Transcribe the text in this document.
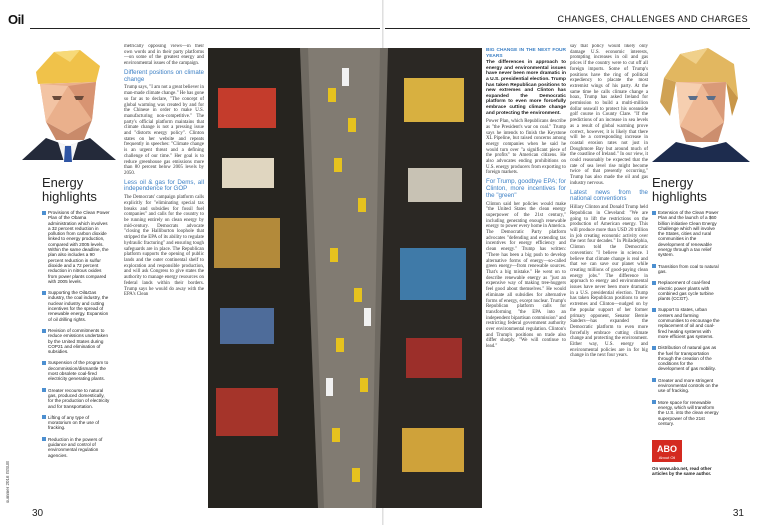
Oil	CHANGES, CHALLENGES AND CHARGES
Energy
highlights
Provisions of the Clean Power Plan of the Obama administration which involves a 32 percent reduction in pollution from carbon dioxide linked to energy production, compared with 2005 levels. Within the same deadline, the plan also includes a 90 percent reduction in sulfur dioxide and a 72 percent reduction in nitrous oxides from power plants compared with 2005 levels.
Supporting the Oil&Gas industry, the coal industry, the nuclear industry and cutting incentives for the spread of renewable energy. Expansion of oil drilling rights.
Revision of commitments to reduce emissions undertaken by the United States during COP21 and elimination of subsidies.
Suspension of the program to decommission/dismantle the most obsolete coal-fired electricity generating plants.
Greater recourse to natural gas, produced domestically, for the production of electricity and for transportation.
Lifting of any type of moratorium on the use of fracking.
Reduction in the powers of guidance and control of environmental regulation agencies.

metrically opposing views—in their own words and in their party platforms—on some of the greatest energy and environmental issues of the campaign.

Different positions on climate change

Trump says, "I am not a great believer in man-made climate change." He has gone so far as to declare, "The concept of global warming was created by and for the Chinese in order to make U.S. manufacturing non-competitive." The party's official platform maintains that climate change is not a pressing issue and "distorts energy policy". Clinton states on her website and repeats frequently in speeches: "Climate change is an urgent threat and a defining challenge of our time." Her goal is to reduce greenhouse gas emissions more than 80 percent below 2005 levels by 2050.

Less oil & gas for Dems, all independence for GOP

The Democrats' campaign platform calls explicitly for "eliminating special tax breaks and subsidies for fossil fuel companies" and calls for the country to be running entirely on clean energy by mid-century. Democrats advocate "closing the Halliburton loophole that stripped the EPA of its ability to regulate hydraulic fracturing" and ensuring tough safeguards are in place. The Republican platform supports the opening of public lands and the outer continental shelf to exploration and responsible production, and will ask Congress to give states the authority to manage energy resources on federal lands within their borders. Trump says he would do away with the EPA's Clean

BIG CHANGE IN THE NEXT FOUR YEARS
The differences in approach to energy and environmental issues have never been more dramatic in a U.S. presidential election. Trump has taken Republican positions to new extremes and Clinton has expanded the Democratic platform to even more forcefully embrace cutting climate change and protecting the environment.

Power Plan, which Republicans describe as "the President's war on coal." Trump says he intends to finish the Keystone XL Pipeline, but raised concerns among energy companies when he said he would turn over "a significant piece of the profits" to American citizens. He also advocates ending prohibitions on U.S. energy producers from exporting to foreign markets.

For Trump, goodbye EPA; for Clinton, more incentives for the "green"

Clinton said her policies would make "the United States the clean energy superpower of the 21st century," including generating enough renewable energy to power every home in America. The Democratic Party platform advocates "defending and extending tax incentives for energy efficiency and clean energy." Trump has written: "There has been a big push to develop alternative forms of energy—so-called green energy—from renewable sources. That's a big mistake." He went on to describe renewable energy as "just an expensive way of making tree-huggers feel good about themselves." He would eliminate all subsidies for alternative forms of energy, except nuclear. Trump's Republican platform calls for transforming "the EPA into an independent bipartisan commission" and restricting federal government authority over environmental regulation. Clinton's and Trump's positions on trade also differ sharply. "We will continue to lead."

say that policy would likely only damage U.S. economic interests, prompting increases in oil and gas prices if the country were to cut off all foreign imports. Some of Trump's positions have the ring of political expediency to placate the most extremist wings of his party. At the same time he calls climate change a hoax, Trump has asked Ireland for permission to build a multi-million dollar seawall to protect his oceanside golf course in County Clare. "If the predictions of an increase in sea levels as a result of global warming prove correct, however, it is likely that there will be a corresponding increase in coastal erosion rates not just in Doughmore Bay but around much of the coastline of Ireland." In our view, it could reasonably be expected that the rate of sea level rise might become twice of that presently occurring," Trump has also made the oil and gas industry nervous.

Latest news from the national conventions

Hillary Clinton and Donald Trump held Republican in Cleveland: "We are going to lift the restrictions on the production of American energy. This will produce more than USD 20 trillion in job creating economic activity over the next four decades." In Philadelphia, Clinton told the Democratic convention: "I believe in science. I believe that climate change is real and that we can save our planet while creating millions of good-paying clean energy jobs." The difference in approach to energy and environmental issues have never been more dramatic in a U.S. presidential election. Trump has taken Republican positions to new extremes and Clinton—nudged on by the popular support of her former primary opponent, Senator Bernie Sanders—has expanded the Democratic platform to even more forcefully embrace cutting climate change and protecting the environment. Either way, U.S. energy and environmental policies are in for big change in the next four years.

Energy
highlights
Extension of the Clean Power Plan and the launch of a $60 billion initiative Clean Energy Challenge which will involve the States, cities and rural communities in the development of renewable energy through a tax relief system.
Transition from coal to natural gas.
Replacement of coal-fired electric power plants with combined gas cycle turbine plants (CCGT).
Support to states, urban centers and farming communities to encourage the replacement of oil and coal-fired heating systems with more efficient gas systems.
Distribution of natural gas as the fuel for transportation through the creation of the conditions for the development of gas mobility.
Greater and more stringent environmental controls on the use of fracking.
More space for renewable energy, which will transform the U.S. into the clean energy superpower of the 21st century.
ABO
About Oil
On www.abo.net, read other articles by the same author.
summer 2016 ISSUE
30	31
